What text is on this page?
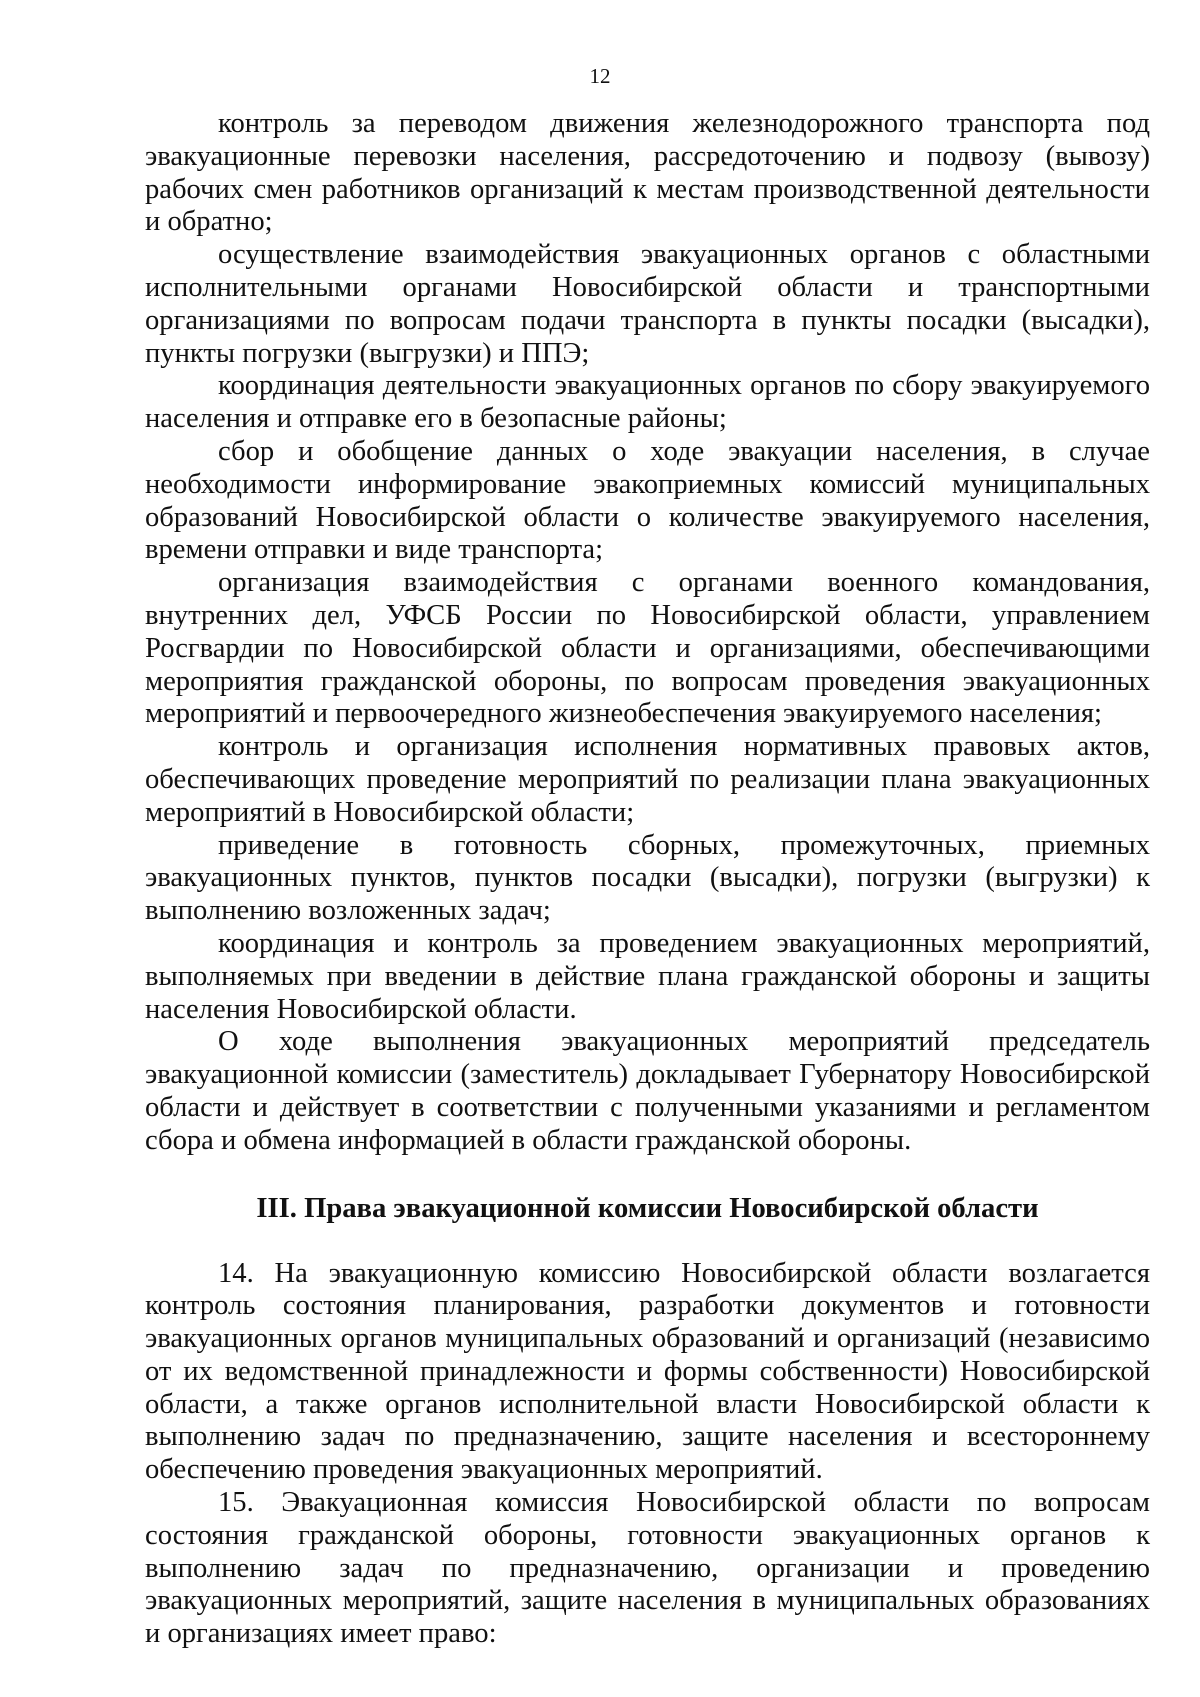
12

контроль за переводом движения железнодорожного транспорта под эвакуационные перевозки населения, рассредоточению и подвозу (вывозу) рабочих смен работников организаций к местам производственной деятельности и обратно;

осуществление взаимодействия эвакуационных органов с областными исполнительными органами Новосибирской области и транспортными организациями по вопросам подачи транспорта в пункты посадки (высадки), пункты погрузки (выгрузки) и ППЭ;

координация деятельности эвакуационных органов по сбору эвакуируемого населения и отправке его в безопасные районы;

сбор и обобщение данных о ходе эвакуации населения, в случае необходимости информирование эвакоприемных комиссий муниципальных образований Новосибирской области о количестве эвакуируемого населения, времени отправки и виде транспорта;

организация взаимодействия с органами военного командования, внутренних дел, УФСБ России по Новосибирской области, управлением Росгвардии по Новосибирской области и организациями, обеспечивающими мероприятия гражданской обороны, по вопросам проведения эвакуационных мероприятий и первоочередного жизнеобеспечения эвакуируемого населения;

контроль и организация исполнения нормативных правовых актов, обеспечивающих проведение мероприятий по реализации плана эвакуационных мероприятий в Новосибирской области;

приведение в готовность сборных, промежуточных, приемных эвакуационных пунктов, пунктов посадки (высадки), погрузки (выгрузки) к выполнению возложенных задач;

координация и контроль за проведением эвакуационных мероприятий, выполняемых при введении в действие плана гражданской обороны и защиты населения Новосибирской области.

О ходе выполнения эвакуационных мероприятий председатель эвакуационной комиссии (заместитель) докладывает Губернатору Новосибирской области и действует в соответствии с полученными указаниями и регламентом сбора и обмена информацией в области гражданской обороны.

III. Права эвакуационной комиссии Новосибирской области

14. На эвакуационную комиссию Новосибирской области возлагается контроль состояния планирования, разработки документов и готовности эвакуационных органов муниципальных образований и организаций (независимо от их ведомственной принадлежности и формы собственности) Новосибирской области, а также органов исполнительной власти Новосибирской области к выполнению задач по предназначению, защите населения и всестороннему обеспечению проведения эвакуационных мероприятий.

15. Эвакуационная комиссия Новосибирской области по вопросам состояния гражданской обороны, готовности эвакуационных органов к выполнению задач по предназначению, организации и проведению эвакуационных мероприятий, защите населения в муниципальных образованиях и организациях имеет право:
